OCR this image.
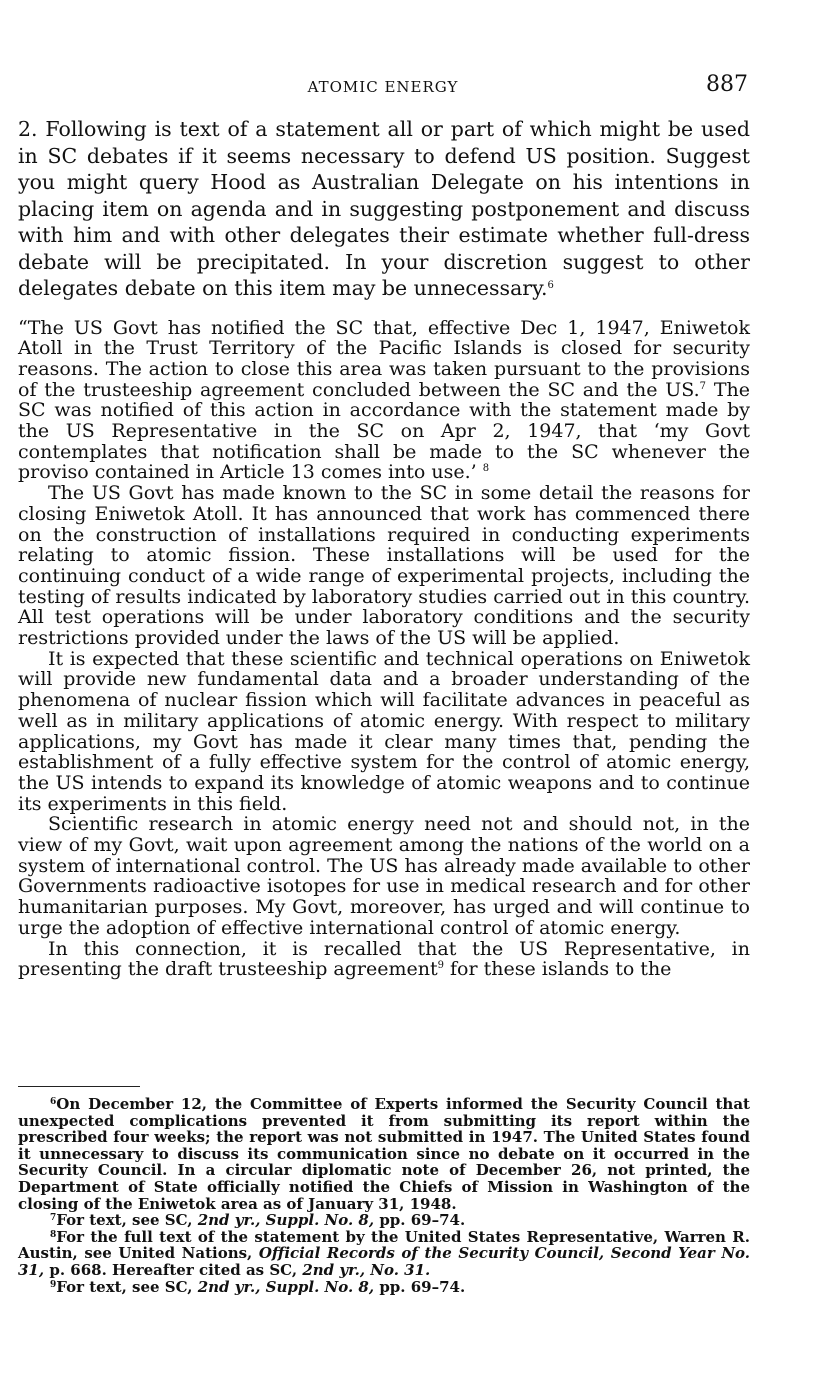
ATOMIC ENERGY	887

2. Following is text of a statement all or part of which might be used in SC debates if it seems necessary to defend US position. Suggest you might query Hood as Australian Delegate on his intentions in placing item on agenda and in suggesting postponement and discuss with him and with other delegates their estimate whether full-dress debate will be precipitated. In your discretion suggest to other delegates debate on this item may be unnecessary.$^6$

“The US Govt has notified the SC that, effective Dec 1, 1947, Eniwetok Atoll in the Trust Territory of the Pacific Islands is closed for security reasons. The action to close this area was taken pursuant to the provisions of the trusteeship agreement concluded between the SC and the US.$^7$ The SC was notified of this action in accordance with the statement made by the US Representative in the SC on Apr 2, 1947, that ‘my Govt contemplates that notification shall be made to the SC whenever the proviso contained in Article 13 comes into use.’ $^8$

The US Govt has made known to the SC in some detail the reasons for closing Eniwetok Atoll. It has announced that work has commenced there on the construction of installations required in conducting experiments relating to atomic fission. These installations will be used for the continuing conduct of a wide range of experimental projects, including the testing of results indicated by laboratory studies carried out in this country. All test operations will be under laboratory conditions and the security restrictions provided under the laws of the US will be applied.

It is expected that these scientific and technical operations on Eniwetok will provide new fundamental data and a broader understanding of the phenomena of nuclear fission which will facilitate advances in peaceful as well as in military applications of atomic energy. With respect to military applications, my Govt has made it clear many times that, pending the establishment of a fully effective system for the control of atomic energy, the US intends to expand its knowledge of atomic weapons and to continue its experiments in this field.

Scientific research in atomic energy need not and should not, in the view of my Govt, wait upon agreement among the nations of the world on a system of international control. The US has already made available to other Governments radioactive isotopes for use in medical research and for other humanitarian purposes. My Govt, moreover, has urged and will continue to urge the adoption of effective international control of atomic energy.

In this connection, it is recalled that the US Representative, in presenting the draft trusteeship agreement$^9$ for these islands to the

$^6$On December 12, the Committee of Experts informed the Security Council that unexpected complications prevented it from submitting its report within the prescribed four weeks; the report was not submitted in 1947. The United States found it unnecessary to discuss its communication since no debate on it occurred in the Security Council. In a circular diplomatic note of December 26, not printed, the Department of State officially notified the Chiefs of Mission in Washington of the closing of the Eniwetok area as of January 31, 1948.

$^7$For text, see SC, 2nd yr., Suppl. No. 8, pp. 69–74.

$^8$For the full text of the statement by the United States Representative, Warren R. Austin, see United Nations, Official Records of the Security Council, Second Year No. 31, p. 668. Hereafter cited as SC, 2nd yr., No. 31.

$^9$For text, see SC, 2nd yr., Suppl. No. 8, pp. 69–74.
